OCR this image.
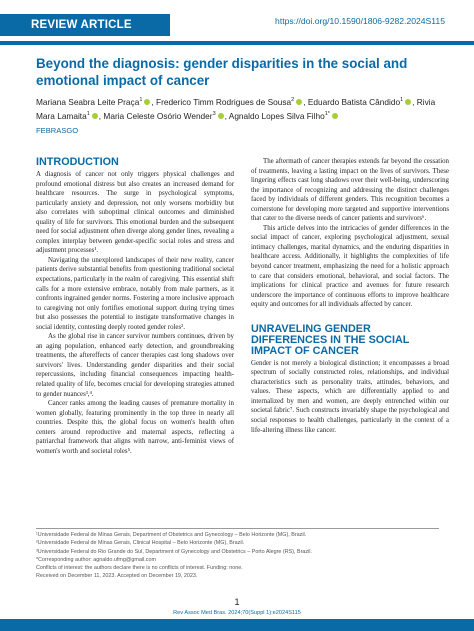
REVIEW ARTICLE	https://doi.org/10.1590/1806-9282.2024S115
Beyond the diagnosis: gender disparities in the social and emotional impact of cancer
Mariana Seabra Leite Praça$^1$ , Frederico Timm Rodrigues de Sousa$^2$ , Eduardo Batista Cândido$^1$ , Rivia Mara Lamaita$^1$ , Maria Celeste Osório Wender$^3$ , Agnaldo Lopes Silva Filho$^{1*}$
FEBRASGO
INTRODUCTION

A diagnosis of cancer not only triggers physical challenges and profound emotional distress but also creates an increased demand for healthcare resources. The surge in psychological symptoms, particularly anxiety and depression, not only worsens morbidity but also correlates with suboptimal clinical outcomes and diminished quality of life for survivors. This emotional burden and the subsequent need for social adjustment often diverge along gender lines, revealing a complex interplay between gender-specific social roles and stress and adjustment processes¹.

Navigating the unexplored landscapes of their new reality, cancer patients derive substantial benefits from questioning traditional societal expectations, particularly in the realm of caregiving. This essential shift calls for a more extensive embrace, notably from male partners, as it confronts ingrained gender norms. Fostering a more inclusive approach to caregiving not only fortifies emotional support during trying times but also possesses the potential to instigate transformative changes in social identity, contesting deeply rooted gender roles².

As the global rise in cancer survivor numbers continues, driven by an aging population, enhanced early detection, and groundbreaking treatments, the aftereffects of cancer therapies cast long shadows over survivors' lives. Understanding gender disparities and their social repercussions, including financial consequences impacting health-related quality of life, becomes crucial for developing strategies attuned to gender nuances³,⁴.

Cancer ranks among the leading causes of premature mortality in women globally, featuring prominently in the top three in nearly all countries. Despite this, the global focus on women's health often centers around reproductive and maternal aspects, reflecting a patriarchal framework that aligns with narrow, anti-feminist views of women's worth and societal roles⁵.

The aftermath of cancer therapies extends far beyond the cessation of treatments, leaving a lasting impact on the lives of survivors. These lingering effects cast long shadows over their well-being, underscoring the importance of recognizing and addressing the distinct challenges faced by individuals of different genders. This recognition becomes a cornerstone for developing more targeted and supportive interventions that cater to the diverse needs of cancer patients and survivors⁶.

This article delves into the intricacies of gender differences in the social impact of cancer, exploring psychological adjustment, sexual intimacy challenges, marital dynamics, and the enduring disparities in healthcare access. Additionally, it highlights the complexities of life beyond cancer treatment, emphasizing the need for a holistic approach to care that considers emotional, behavioral, and social factors. The implications for clinical practice and avenues for future research underscore the importance of continuous efforts to improve healthcare equity and outcomes for all individuals affected by cancer.

UNRAVELING GENDER DIFFERENCES IN THE SOCIAL IMPACT OF CANCER

Gender is not merely a biological distinction; it encompasses a broad spectrum of socially constructed roles, relationships, and individual characteristics such as personality traits, attitudes, behaviors, and values. These aspects, which are differentially applied to and internalized by men and women, are deeply entrenched within our societal fabric⁷. Such constructs invariably shape the psychological and social responses to health challenges, particularly in the context of a life-altering illness like cancer.

¹Universidade Federal de Minas Gerais, Department of Obstetrics and Gynecology – Belo Horizonte (MG), Brazil.
²Universidade Federal de Minas Gerais, Clinical Hospital – Belo Horizonte (MG), Brazil.
³Universidade Federal do Rio Grande do Sul, Department of Gynecology and Obstetrics – Porto Alegre (RS), Brazil.
*Corresponding author: agnaldo.ufmg@gmail.com
Conflicts of interest: the authors declare there is no conflicts of interest. Funding: none.
Received on December 11, 2023. Accepted on December 19, 2023.
1
Rev Assoc Med Bras. 2024;70(Suppl 1):e2024S115
